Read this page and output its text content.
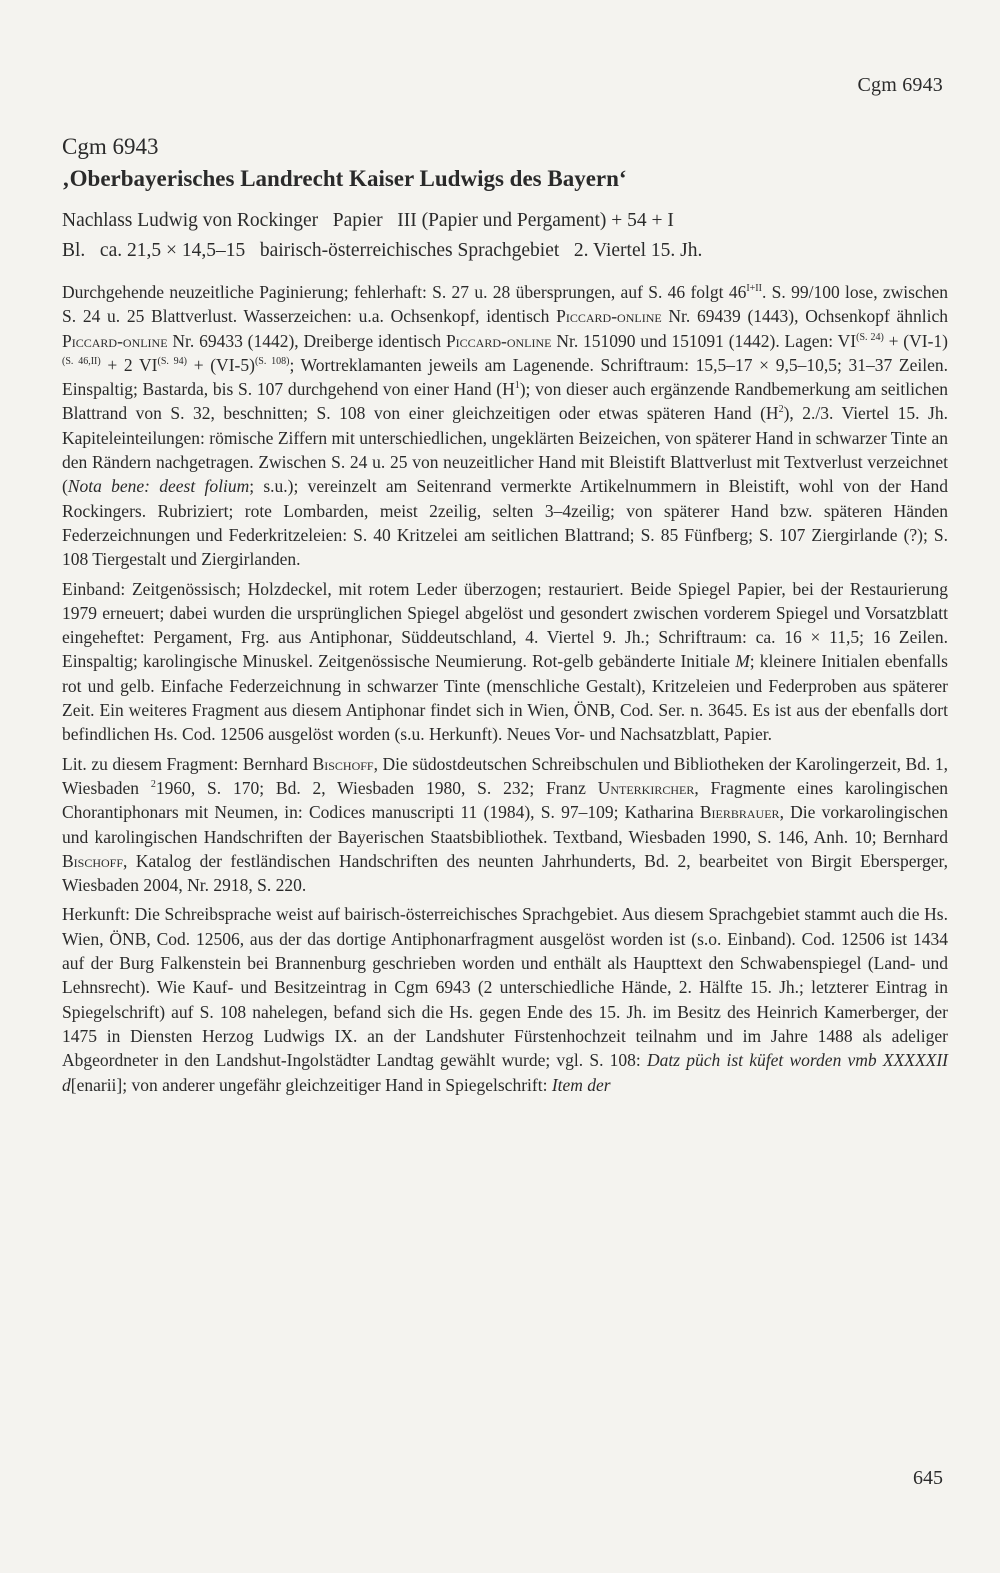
Cgm 6943
Cgm 6943
‚Oberbayerisches Landrecht Kaiser Ludwigs des Bayern‘
Nachlass Ludwig von Rockinger   Papier   III (Papier und Pergament) + 54 + I
Bl.   ca. 21,5 × 14,5–15   bairisch-österreichisches Sprachgebiet   2. Viertel 15. Jh.

Durchgehende neuzeitliche Paginierung; fehlerhaft: S. 27 u. 28 übersprungen, auf S. 46 folgt $46^{I+II}$. S. 99/100 lose, zwischen S. 24 u. 25 Blattverlust. Wasserzeichen: u.a. Ochsenkopf, identisch Piccard-online Nr. 69439 (1443), Ochsenkopf ähnlich Piccard-online Nr. 69433 (1442), Dreiberge identisch Piccard-online Nr. 151090 und 151091 (1442). Lagen: $VI^{(S. 24)} + (VI-1)^{(S. 46,II)} + 2$ $VI^{(S. 94)} + (VI-5)^{(S. 108)}$; Wortreklamanten jeweils am Lagenende. Schriftraum: 15,5–17 × 9,5–10,5; 31–37 Zeilen. Einspaltig; Bastarda, bis S. 107 durchgehend von einer Hand $(H^1)$; von dieser auch ergänzende Randbemerkung am seitlichen Blattrand von S. 32, beschnitten; S. 108 von einer gleichzeitigen oder etwas späteren Hand $(H^2)$, 2./3. Viertel 15. Jh. Kapiteleinteilungen: römische Ziffern mit unterschiedlichen, ungeklärten Beizeichen, von späterer Hand in schwarzer Tinte an den Rändern nachgetragen. Zwischen S. 24 u. 25 von neuzeitlicher Hand mit Bleistift Blattverlust mit Textverlust verzeichnet (Nota bene: deest folium; s.u.); vereinzelt am Seitenrand vermerkte Artikelnummern in Bleistift, wohl von der Hand Rockingers. Rubriziert; rote Lombarden, meist 2zeilig, selten 3–4zeilig; von späterer Hand bzw. späteren Händen Federzeichnungen und Federkritzeleien: S. 40 Kritzelei am seitlichen Blattrand; S. 85 Fünfberg; S. 107 Ziergirlande (?); S. 108 Tiergestalt und Ziergirlanden.

Einband: Zeitgenössisch; Holzdeckel, mit rotem Leder überzogen; restauriert. Beide Spiegel Papier, bei der Restaurierung 1979 erneuert; dabei wurden die ursprünglichen Spiegel abgelöst und gesondert zwischen vorderem Spiegel und Vorsatzblatt eingeheftet: Pergament, Frg. aus Antiphonar, Süddeutschland, 4. Viertel 9. Jh.; Schriftraum: ca. 16 × 11,5; 16 Zeilen. Einspaltig; karolingische Minuskel. Zeitgenössische Neumierung. Rot-gelb gebänderte Initiale M; kleinere Initialen ebenfalls rot und gelb. Einfache Federzeichnung in schwarzer Tinte (menschliche Gestalt), Kritzeleien und Federproben aus späterer Zeit. Ein weiteres Fragment aus diesem Antiphonar findet sich in Wien, ÖNB, Cod. Ser. n. 3645. Es ist aus der ebenfalls dort befindlichen Hs. Cod. 12506 ausgelöst worden (s.u. Herkunft). Neues Vor- und Nachsatzblatt, Papier.

Lit. zu diesem Fragment: Bernhard Bischoff, Die südostdeutschen Schreibschulen und Bibliotheken der Karolingerzeit, Bd. 1, Wiesbaden $^2$1960, S. 170; Bd. 2, Wiesbaden 1980, S. 232; Franz Unterkircher, Fragmente eines karolingischen Chorantiphonars mit Neumen, in: Codices manuscripti 11 (1984), S. 97–109; Katharina Bierbrauer, Die vorkarolingischen und karolingischen Handschriften der Bayerischen Staatsbibliothek. Textband, Wiesbaden 1990, S. 146, Anh. 10; Bernhard Bischoff, Katalog der festländischen Handschriften des neunten Jahrhunderts, Bd. 2, bearbeitet von Birgit Ebersperger, Wiesbaden 2004, Nr. 2918, S. 220.

Herkunft: Die Schreibsprache weist auf bairisch-österreichisches Sprachgebiet. Aus diesem Sprachgebiet stammt auch die Hs. Wien, ÖNB, Cod. 12506, aus der das dortige Antiphonarfragment ausgelöst worden ist (s.o. Einband). Cod. 12506 ist 1434 auf der Burg Falkenstein bei Brannenburg geschrieben worden und enthält als Haupttext den Schwabenspiegel (Land- und Lehnsrecht). Wie Kauf- und Besitzeintrag in Cgm 6943 (2 unterschiedliche Hände, 2. Hälfte 15. Jh.; letzterer Eintrag in Spiegelschrift) auf S. 108 nahelegen, befand sich die Hs. gegen Ende des 15. Jh. im Besitz des Heinrich Kamerberger, der 1475 in Diensten Herzog Ludwigs IX. an der Landshuter Fürstenhochzeit teilnahm und im Jahre 1488 als adeliger Abgeordneter in den Landshut-Ingolstädter Landtag gewählt wurde; vgl. S. 108: Datz püch ist küfet worden vmb XXXXXII d[enarii]; von anderer ungefähr gleichzeitiger Hand in Spiegelschrift: Item der

645
